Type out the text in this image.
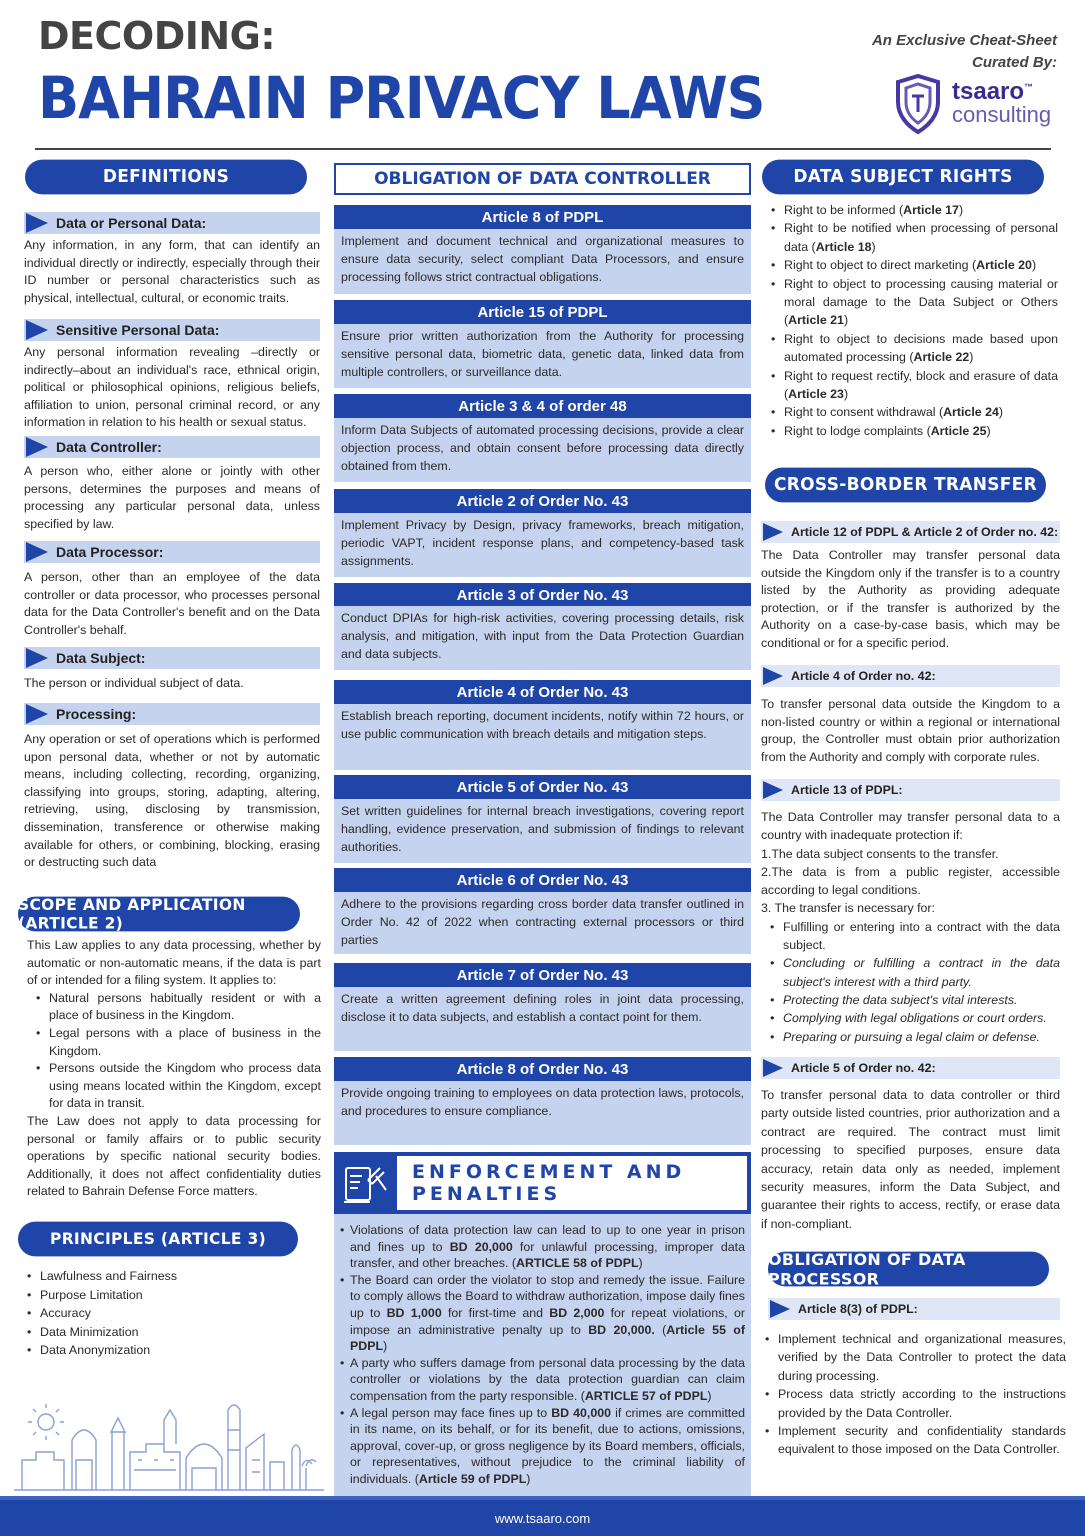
DECODING:
BAHRAIN PRIVACY LAWS
An Exclusive Cheat-Sheet
Curated By:
tsaaro™
consulting
DEFINITIONS
Data or Personal Data:
Any information, in any form, that can identify an individual directly or indirectly, especially through their ID number or personal characteristics such as physical, intellectual, cultural, or economic traits.
Sensitive Personal Data:
Any personal information revealing –directly or indirectly–about an individual's race, ethnical origin, political or philosophical opinions, religious beliefs, affiliation to union, personal criminal record, or any information in relation to his health or sexual status.
Data Controller:
A person who, either alone or jointly with other persons, determines the purposes and means of processing any particular personal data, unless specified by law.
Data Processor:
A person, other than an employee of the data controller or data processor, who processes personal data for the Data Controller's benefit and on the Data Controller's behalf.
Data Subject:
The person or individual subject of data.
Processing:
Any operation or set of operations which is performed upon personal data, whether or not by automatic means, including collecting, recording, organizing, classifying into groups, storing, adapting, altering, retrieving, using, disclosing by transmission, dissemination, transference or otherwise making available for others, or combining, blocking, erasing or destructing such data
SCOPE AND APPLICATION (ARTICLE 2)
This Law applies to any data processing, whether by automatic or non-automatic means, if the data is part of or intended for a filing system. It applies to:
• Natural persons habitually resident or with a place of business in the Kingdom.
• Legal persons with a place of business in the Kingdom.
• Persons outside the Kingdom who process data using means located within the Kingdom, except for data in transit.
The Law does not apply to data processing for personal or family affairs or to public security operations by specific national security bodies. Additionally, it does not affect confidentiality duties related to Bahrain Defense Force matters.
PRINCIPLES (ARTICLE 3)
• Lawfulness and Fairness
• Purpose Limitation
• Accuracy
• Data Minimization
• Data Anonymization
OBLIGATION OF DATA CONTROLLER
Article 8 of PDPL
Implement and document technical and organizational measures to ensure data security, select compliant Data Processors, and ensure processing follows strict contractual obligations.
Article 15 of PDPL
Ensure prior written authorization from the Authority for processing sensitive personal data, biometric data, genetic data, linked data from multiple controllers, or surveillance data.
Article 3 & 4 of order 48
Inform Data Subjects of automated processing decisions, provide a clear objection process, and obtain consent before processing data directly obtained from them.
Article 2 of Order No. 43
Implement Privacy by Design, privacy frameworks, breach mitigation, periodic VAPT, incident response plans, and competency-based task assignments.
Article 3 of Order No. 43
Conduct DPIAs for high-risk activities, covering processing details, risk analysis, and mitigation, with input from the Data Protection Guardian and data subjects.
Article 4 of Order No. 43
Establish breach reporting, document incidents, notify within 72 hours, or use public communication with breach details and mitigation steps.
Article 5 of Order No. 43
Set written guidelines for internal breach investigations, covering report handling, evidence preservation, and submission of findings to relevant authorities.
Article 6 of Order No. 43
Adhere to the provisions regarding cross border data transfer outlined in Order No. 42 of 2022 when contracting external processors or third parties
Article 7 of Order No. 43
Create a written agreement defining roles in joint data processing, disclose it to data subjects, and establish a contact point for them.
Article 8 of Order No. 43
Provide ongoing training to employees on data protection laws, protocols, and procedures to ensure compliance.
ENFORCEMENT AND PENALTIES
• Violations of data protection law can lead to up to one year in prison and fines up to BD 20,000 for unlawful processing, improper data transfer, and other breaches. (ARTICLE 58 of PDPL)
• The Board can order the violator to stop and remedy the issue. Failure to comply allows the Board to withdraw authorization, impose daily fines up to BD 1,000 for first-time and BD 2,000 for repeat violations, or impose an administrative penalty up to BD 20,000. (Article 55 of PDPL)
• A party who suffers damage from personal data processing by the data controller or violations by the data protection guardian can claim compensation from the party responsible. (ARTICLE 57 of PDPL)
• A legal person may face fines up to BD 40,000 if crimes are committed in its name, on its behalf, or for its benefit, due to actions, omissions, approval, cover-up, or gross negligence by its Board members, officials, or representatives, without prejudice to the criminal liability of individuals. (Article 59 of PDPL)
DATA SUBJECT RIGHTS
• Right to be informed (Article 17)
• Right to be notified when processing of personal data (Article 18)
• Right to object to direct marketing (Article 20)
• Right to object to processing causing material or moral damage to the Data Subject or Others (Article 21)
• Right to object to decisions made based upon automated processing (Article 22)
• Right to request rectify, block and erasure of data (Article 23)
• Right to consent withdrawal (Article 24)
• Right to lodge complaints (Article 25)
CROSS-BORDER TRANSFER
Article 12 of PDPL & Article 2 of Order no. 42:
The Data Controller may transfer personal data outside the Kingdom only if the transfer is to a country listed by the Authority as providing adequate protection, or if the transfer is authorized by the Authority on a case-by-case basis, which may be conditional or for a specific period.
Article 4 of Order no. 42:
To transfer personal data outside the Kingdom to a non-listed country or within a regional or international group, the Controller must obtain prior authorization from the Authority and comply with corporate rules.
Article 13 of PDPL:
The Data Controller may transfer personal data to a country with inadequate protection if:
1.The data subject consents to the transfer.
2.The data is from a public register, accessible according to legal conditions.
3. The transfer is necessary for:
• Fulfilling or entering into a contract with the data subject.
• Concluding or fulfilling a contract in the data subject's interest with a third party.
• Protecting the data subject's vital interests.
• Complying with legal obligations or court orders.
• Preparing or pursuing a legal claim or defense.
Article 5 of Order no. 42:
To transfer personal data to data controller or third party outside listed countries, prior authorization and a contract are required. The contract must limit processing to specified purposes, ensure data accuracy, retain data only as needed, implement security measures, inform the Data Subject, and guarantee their rights to access, rectify, or erase data if non-compliant.
OBLIGATION OF DATA PROCESSOR
Article 8(3) of PDPL:
• Implement technical and organizational measures, verified by the Data Controller to protect the data during processing.
• Process data strictly according to the instructions provided by the Data Controller.
• Implement security and confidentiality standards equivalent to those imposed on the Data Controller.
www.tsaaro.com
